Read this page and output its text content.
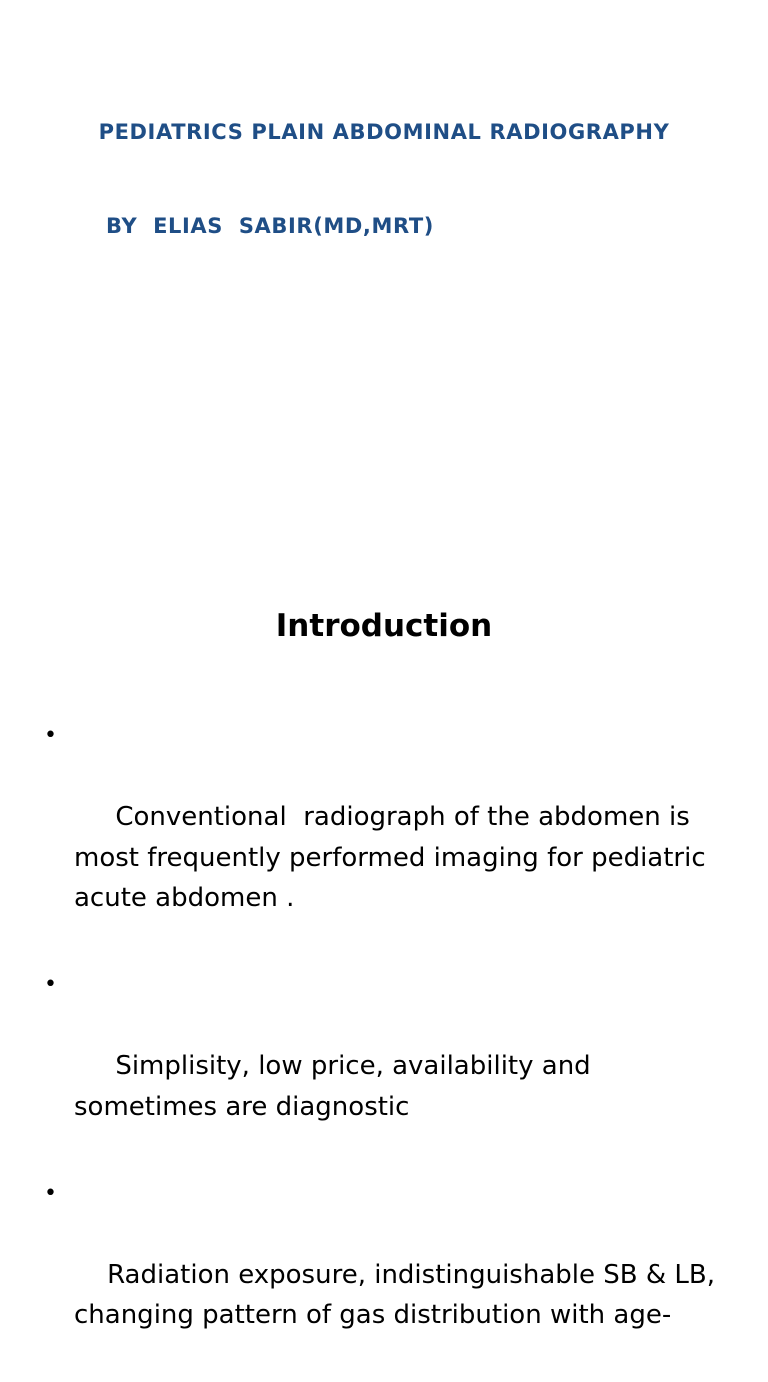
PEDIATRICS PLAIN ABDOMINAL RADIOGRAPHY

BY  ELIAS  SABIR(MD,MRT)

Introduction

•

Conventional  radiograph of the abdomen is most frequently performed imaging for pediatric acute abdomen .

•

Simplisity, low price, availability and sometimes are diagnostic

•

Radiation exposure, indistinguishable SB & LB, changing pattern of gas distribution with age-
